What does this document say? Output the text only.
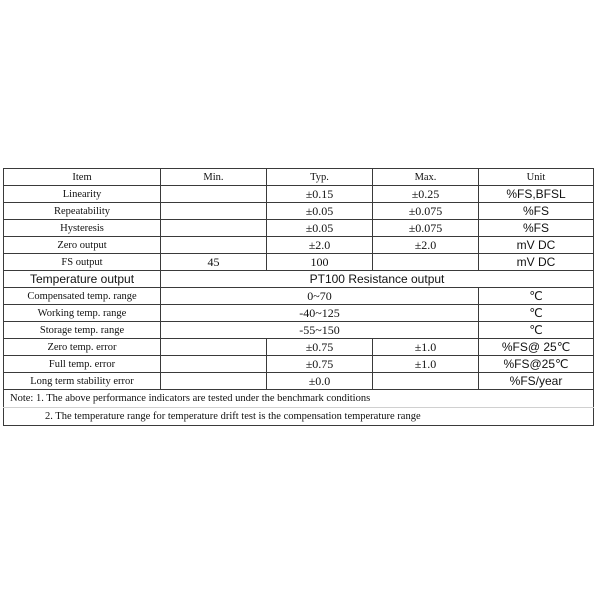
Item	Min.	Typ.	Max.	Unit
Linearity		±0.15	±0.25	%FS,BFSL
Repeatability		±0.05	±0.075	%FS
Hysteresis		±0.05	±0.075	%FS
Zero output		±2.0	±2.0	mV DC
FS output	45	100		mV DC
Temperature output	PT100 Resistance output			
Compensated temp. range	0~70			℃
Working temp. range	-40~125			℃
Storage temp. range	-55~150			℃
Zero temp. error		±0.75	±1.0	%FS@ 25℃
Full temp. error		±0.75	±1.0	%FS@25℃
Long term stability error		±0.0		%FS/year
Note: 1. The above performance indicators are tested under the benchmark conditions				
2. The temperature range for temperature drift test is the compensation temperature range				
